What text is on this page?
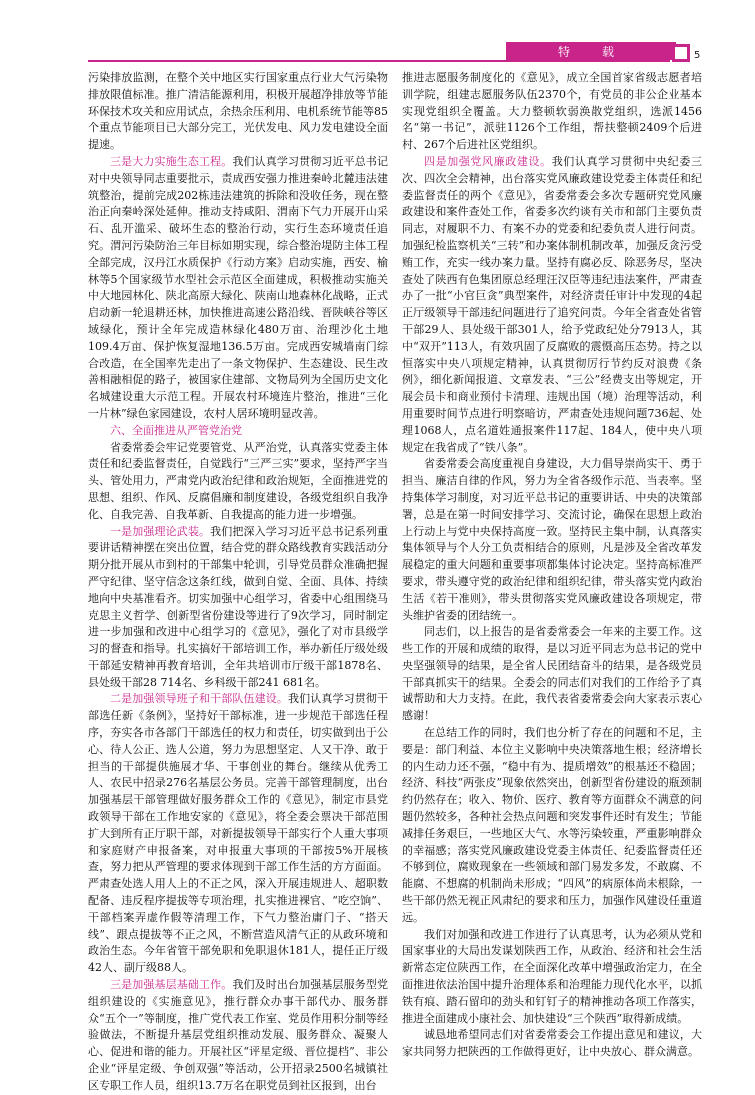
特　载	5

污染排放监测，在整个关中地区实行国家重点行业大气污染物排放限值标准。推广清洁能源利用，积极开展超净排放等节能环保技术攻关和应用试点，余热余压利用、电机系统节能等85个重点节能项目已大部分完工，光伏发电、风力发电建设全面提速。

三是大力实施生态工程。我们认真学习贯彻习近平总书记对中央领导同志重要批示，责成西安强力推进秦岭北麓违法建筑整治，提前完成202栋违法建筑的拆除和没收任务，现在整治正向秦岭深处延伸。推动支持咸阳、渭南下气力开展开山采石、乱开滥采、破坏生态的整治行动，实行生态环境责任追究。渭河污染防治三年目标如期实现，综合整治堤防主体工程全部完成，汉丹江水质保护《行动方案》启动实施，西安、榆林等5个国家级节水型社会示范区全面建成，积极推动实施关中大地园林化、陕北高原大绿化、陕南山地森林化战略，正式启动新一轮退耕还林，加快推进高速公路沿线、晋陕峡谷等区域绿化，预计全年完成造林绿化480万亩、治理沙化土地109.4万亩、保护恢复湿地136.5万亩。完成西安城墙南门综合改造，在全国率先走出了一条文物保护、生态建设、民生改善相融相促的路子，被国家住建部、文物局列为全国历史文化名城建设重大示范工程。开展农村环境连片整治，推进“三化一片林”绿色家园建设，农村人居环境明显改善。

六、全面推进从严管党治党

省委常委会牢记党要管党、从严治党，认真落实党委主体责任和纪委监督责任，自觉践行“三严三实”要求，坚持严字当头、管处用力，严肃党内政治纪律和政治规矩，全面推进党的思想、组织、作风、反腐倡廉和制度建设，各级党组织自我净化、自我完善、自我革新、自我提高的能力进一步增强。

一是加强理论武装。我们把深入学习习近平总书记系列重要讲话精神摆在突出位置，结合党的群众路线教育实践活动分期分批开展从市到村的干部集中轮训，引导党员群众准确把握严守纪律、坚守信念这条红线，做到自觉、全面、具体、持续地向中央基准看齐。切实加强中心组学习，省委中心组围绕马克思主义哲学、创新型省份建设等进行了9次学习，同时制定进一步加强和改进中心组学习的《意见》，强化了对市县级学习的督查和指导。扎实搞好干部培训工作，举办新任厅级处级干部延安精神再教育培训，全年共培训市厅级干部1878名、县处级干部28 714名、乡科级干部241 681名。

二是加强领导班子和干部队伍建设。我们认真学习贯彻干部选任新《条例》，坚持好干部标准，进一步规范干部选任程序，夯实各市各部门干部选任的权力和责任，切实做到出于公心、待人公正、选人公道，努力为思想坚定、人又干净、敢于担当的干部提供施展才华、干事创业的舞台。继续从优秀工人、农民中招录276名基层公务员。完善干部管理制度，出台加强基层干部管理做好服务群众工作的《意见》，制定市县党政领导干部在工作地安家的《意见》，将全委会票决干部范围扩大到所有正厅职干部，对新提拔领导干部实行个人重大事项和家庭财产申报备案，对申报重大事项的干部按5%开展核查，努力把从严管理的要求体现到干部工作生活的方方面面。严肃查处选人用人上的不正之风，深入开展违规进人、超职数配备、违反程序提拔等专项治理，扎实推进裸官、“吃空饷”、干部档案弄虚作假等清理工作，下气力整治庸门子、“搭天线”、跟点提拔等不正之风，不断营造风清气正的从政环境和政治生态。今年省管干部免职和免职退休181人，提任正厅级42人、副厅级88人。

三是加强基层基础工作。我们及时出台加强基层服务型党组织建设的《实施意见》，推行群众办事干部代办、服务群众“五个一”等制度，推广党代表工作室、党员作用积分制等经验做法，不断提升基层党组织推动发展、服务群众、凝聚人心、促进和谐的能力。开展社区“评星定级、晋位提档”、非公企业“评星定级、争创双强”等活动，公开招录2500名城镇社区专职工作人员，组织13.7万名在职党员到社区报到，出台

推进志愿服务制度化的《意见》，成立全国首家省级志愿者培训学院，组建志愿服务队伍2370个，有党员的非公企业基本实现党组织全覆盖。大力整顿软弱涣散党组织，选派1456名“第一书记”，派驻1126个工作组，帮扶整顿2409个后进村、267个后进社区党组织。

四是加强党风廉政建设。我们认真学习贯彻中央纪委三次、四次全会精神，出台落实党风廉政建设党委主体责任和纪委监督责任的两个《意见》，省委常委会多次专题研究党风廉政建设和案件查处工作，省委多次约谈有关市和部门主要负责同志，对履职不力、有案不办的党委和纪委负责人进行问责。加强纪检监察机关“三转”和办案体制机制改革，加强反贪污受贿工作，充实一线办案力量。坚持有腐必反、除恶务尽，坚决查处了陕西有色集团原总经理汪汉臣等违纪违法案件，严肃查办了一批“小官巨贪”典型案件，对经济责任审计中发现的4起正厅级领导干部违纪问题进行了追究问责。今年全省查处省管干部29人、县处级干部301人，给予党政纪处分7913人，其中“双开”113人，有效巩固了反腐败的震慑高压态势。持之以恒落实中央八项规定精神，认真贯彻厉行节约反对浪费《条例》，细化新闻报道、文章发表、“三公”经费支出等规定，开展会员卡和商业预付卡清理、违规出国（境）治理等活动，利用重要时间节点进行明察暗访，严肃查处违规问题736起、处理1068人，点名道姓通报案件117起、184人，使中央八项规定在我省成了“铁八条”。

省委常委会高度重视自身建设，大力倡导崇尚实干、勇于担当、廉洁自律的作风，努力为全省各级作示范、当表率。坚持集体学习制度，对习近平总书记的重要讲话、中央的决策部署，总是在第一时间安排学习、交流讨论，确保在思想上政治上行动上与党中央保持高度一致。坚持民主集中制，认真落实集体领导与个人分工负责相结合的原则，凡是涉及全省改革发展稳定的重大问题和重要事项都集体讨论决定。坚持高标准严要求，带头遵守党的政治纪律和组织纪律，带头落实党内政治生活《若干准则》，带头贯彻落实党风廉政建设各项规定，带头维护省委的团结统一。

同志们，以上报告的是省委常委会一年来的主要工作。这些工作的开展和成绩的取得，是以习近平同志为总书记的党中央坚强领导的结果，是全省人民团结奋斗的结果，是各级党员干部真抓实干的结果。全委会的同志们对我们的工作给予了真诚帮助和大力支持。在此，我代表省委常委会向大家表示衷心感谢！

在总结工作的同时，我们也分析了存在的问题和不足，主要是：部门利益、本位主义影响中央决策落地生根；经济增长的内生动力还不强，“稳中有为、提质增效”的根基还不稳固；经济、科技“两张皮”现象依然突出，创新型省份建设的瓶颈制约仍然存在；收入、物价、医疗、教育等方面群众不满意的问题仍然较多，各种社会热点问题和突发事件还时有发生；节能减排任务艰巨，一些地区大气、水等污染较重，严重影响群众的幸福感；落实党风廉政建设党委主体责任、纪委监督责任还不够到位，腐败现象在一些领域和部门易发多发，不敢腐、不能腐、不想腐的机制尚未形成；“四风”的病原体尚未根除，一些干部仍然无视正风肃纪的要求和压力，加强作风建设任重道远。

我们对加强和改进工作进行了认真思考，认为必须从党和国家事业的大局出发谋划陕西工作，从政治、经济和社会生活新常态定位陕西工作，在全面深化改革中增强政治定力，在全面推进依法治国中提升治理体系和治理能力现代化水平，以抓铁有痕、踏石留印的劲头和钉钉子的精神推动各项工作落实，推进全面建成小康社会、加快建设“三个陕西”取得新成绩。

诚恳地希望同志们对省委常委会工作提出意见和建议，大家共同努力把陕西的工作做得更好，让中央放心、群众满意。
